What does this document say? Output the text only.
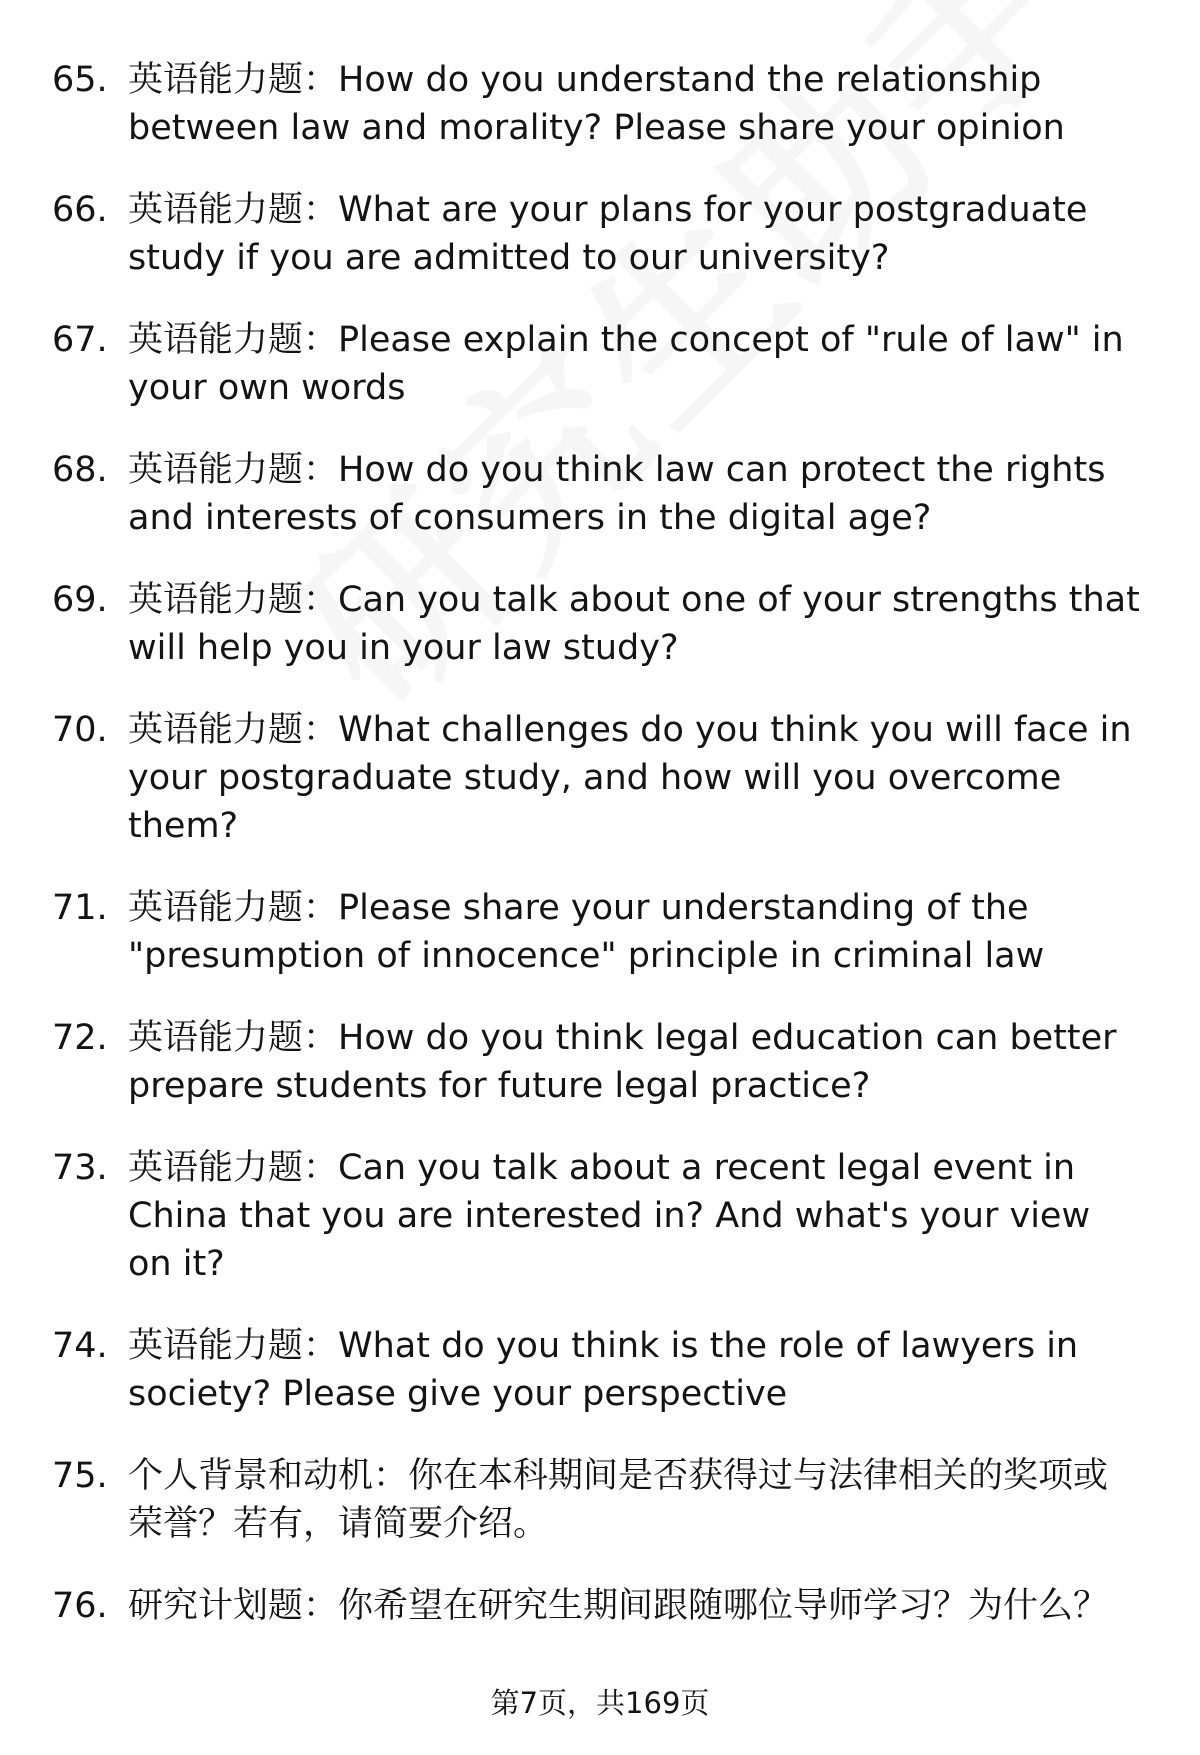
65. 英语能力题：How do you understand the relationship between law and morality? Please share your opinion
66. 英语能力题：What are your plans for your postgraduate study if you are admitted to our university?
67. 英语能力题：Please explain the concept of "rule of law" in your own words
68. 英语能力题：How do you think law can protect the rights and interests of consumers in the digital age?
69. 英语能力题：Can you talk about one of your strengths that will help you in your law study?
70. 英语能力题：What challenges do you think you will face in your postgraduate study, and how will you overcome them?
71. 英语能力题：Please share your understanding of the "presumption of innocence" principle in criminal law
72. 英语能力题：How do you think legal education can better prepare students for future legal practice?
73. 英语能力题：Can you talk about a recent legal event in China that you are interested in? And what's your view on it?
74. 英语能力题：What do you think is the role of lawyers in society? Please give your perspective
75. 个人背景和动机：你在本科期间是否获得过与法律相关的奖项或荣誉？若有，请简要介绍。
76. 研究计划题：你希望在研究生期间跟随哪位导师学习？为什么？
第7页，共169页
